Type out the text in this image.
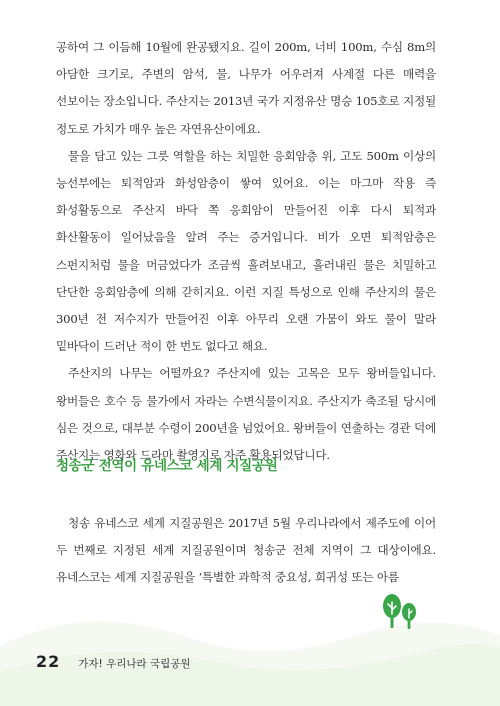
공하여 그 이듬해 10월에 완공됐지요. 길이 200m, 너비 100m, 수심 8m의 아담한 크기로, 주변의 암석, 물, 나무가 어우러져 사계절 다른 매력을 선보이는 장소입니다. 주산지는 2013년 국가 지정유산 명승 105호로 지정될 정도로 가치가 매우 높은 자연유산이에요.

물을 담고 있는 그릇 역할을 하는 치밀한 응회암층 위, 고도 500m 이상의 능선부에는 퇴적암과 화성암층이 쌓여 있어요. 이는 마그마 작용 즉 화성활동으로 주산지 바닥 쪽 응회암이 만들어진 이후 다시 퇴적과 화산활동이 일어났음을 알려 주는 증거입니다. 비가 오면 퇴적암층은 스펀지처럼 물을 머금었다가 조금씩 흘려보내고, 흘러내린 물은 치밀하고 단단한 응회암층에 의해 갇히지요. 이런 지질 특성으로 인해 주산지의 물은 300년 전 저수지가 만들어진 이후 아무리 오랜 가뭄이 와도 물이 말라 밑바닥이 드러난 적이 한 번도 없다고 해요.

주산지의 나무는 어떨까요? 주산지에 있는 고목은 모두 왕버들입니다. 왕버들은 호수 등 물가에서 자라는 수변식물이지요. 주산지가 축조될 당시에 심은 것으로, 대부분 수령이 200년을 넘었어요. 왕버들이 연출하는 경관 덕에 주산지는 영화와 드라마 촬영지로 자주 활용되었답니다.

청송군 전역이 유네스코 세계 지질공원

청송 유네스코 세계 지질공원은 2017년 5월 우리나라에서 제주도에 이어 두 번째로 지정된 세계 지질공원이며 청송군 전체 지역이 그 대상이에요. 유네스코는 세계 지질공원을 ‘특별한 과학적 중요성, 희귀성 또는 아름

22 가자! 우리나라 국립공원
